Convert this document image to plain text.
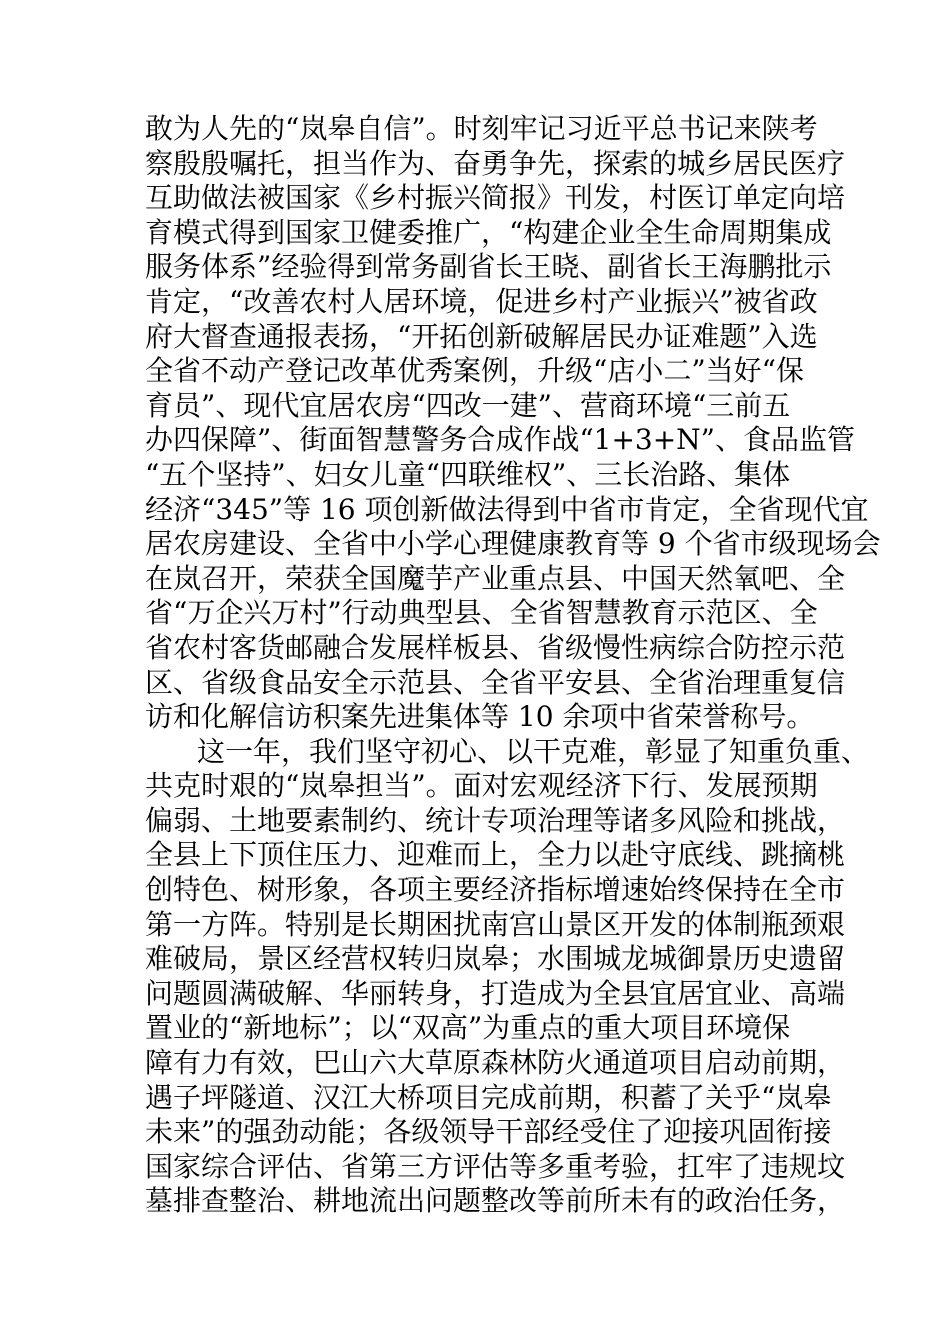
敢为人先的“岚皋自信”。时刻牢记习近平总书记来陕考
察殷殷嘱托，担当作为、奋勇争先，探索的城乡居民医疗
互助做法被国家《乡村振兴简报》刊发，村医订单定向培
育模式得到国家卫健委推广，“构建企业全生命周期集成
服务体系”经验得到常务副省长王晓、副省长王海鹏批示
肯定，“改善农村人居环境，促进乡村产业振兴”被省政
府大督查通报表扬，“开拓创新破解居民办证难题”入选
全省不动产登记改革优秀案例，升级“店小二”当好“保
育员”、现代宜居农房“四改一建”、营商环境“三前五
办四保障”、街面智慧警务合成作战“1+3+N”、食品监管
“五个坚持”、妇女儿童“四联维权”、三长治路、集体
经济“345”等 16 项创新做法得到中省市肯定，全省现代宜
居农房建设、全省中小学心理健康教育等 9 个省市级现场会
在岚召开，荣获全国魔芋产业重点县、中国天然氧吧、全
省“万企兴万村”行动典型县、全省智慧教育示范区、全
省农村客货邮融合发展样板县、省级慢性病综合防控示范
区、省级食品安全示范县、全省平安县、全省治理重复信
访和化解信访积案先进集体等 10 余项中省荣誉称号。
这一年，我们坚守初心、以干克难，彰显了知重负重、
共克时艰的“岚皋担当”。面对宏观经济下行、发展预期
偏弱、土地要素制约、统计专项治理等诸多风险和挑战，
全县上下顶住压力、迎难而上，全力以赴守底线、跳摘桃
创特色、树形象，各项主要经济指标增速始终保持在全市
第一方阵。特别是长期困扰南宫山景区开发的体制瓶颈艰
难破局，景区经营权转归岚皋；水围城龙城御景历史遗留
问题圆满破解、华丽转身，打造成为全县宜居宜业、高端
置业的“新地标”；以“双高”为重点的重大项目环境保
障有力有效，巴山六大草原森林防火通道项目启动前期，
遇子坪隧道、汉江大桥项目完成前期，积蓄了关乎“岚皋
未来”的强劲动能；各级领导干部经受住了迎接巩固衔接
国家综合评估、省第三方评估等多重考验，扛牢了违规坟
墓排查整治、耕地流出问题整改等前所未有的政治任务，
